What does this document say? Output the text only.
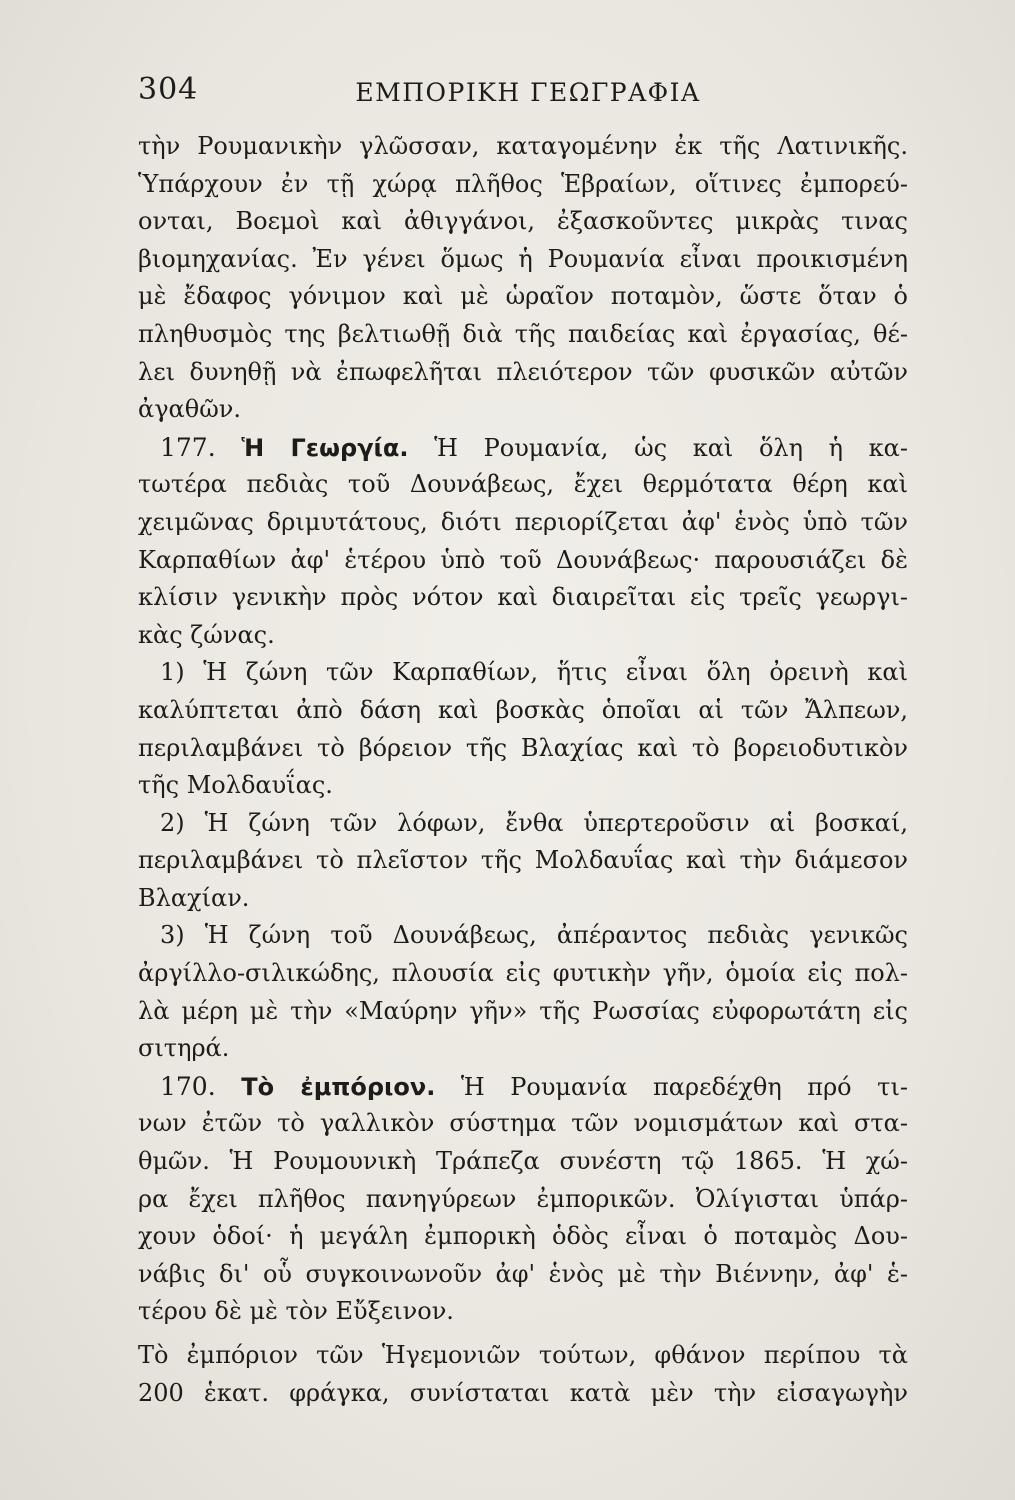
304	ΕΜΠΟΡΙΚΗ ΓΕΩΓΡΑΦΙΑ
τὴν Ρουμανικὴν γλῶσσαν, καταγομένην ἐκ τῆς Λατινικῆς.
Ὑπάρχουν ἐν τῇ χώρᾳ πλῆθος Ἑβραίων, οἵτινες ἐμπορεύ-
ονται, Βοεμοὶ καὶ ἀθιγγάνοι, ἐξασκοῦντες μικρὰς τινας
βιομηχανίας. Ἐν γένει ὅμως ἡ Ρουμανία εἶναι προικισμένη
μὲ ἔδαφος γόνιμον καὶ μὲ ὡραῖον ποταμὸν, ὥστε ὅταν ὁ
πληθυσμὸς της βελτιωθῇ διὰ τῆς παιδείας καὶ ἐργασίας, θέ-
λει δυνηθῇ νὰ ἐπωφελῆται πλειότερον τῶν φυσικῶν αὐτῶν
ἀγαθῶν.
177. Ἡ Γεωργία. Ἡ Ρουμανία, ὡς καὶ ὅλη ἡ κα-
τωτέρα πεδιὰς τοῦ Δουνάβεως, ἔχει θερμότατα θέρη καὶ
χειμῶνας δριμυτάτους, διότι περιορίζεται ἀφ' ἑνὸς ὑπὸ τῶν
Καρπαθίων ἀφ' ἑτέρου ὑπὸ τοῦ Δουνάβεως· παρουσιάζει δὲ
κλίσιν γενικὴν πρὸς νότον καὶ διαιρεῖται εἰς τρεῖς γεωργι-
κὰς ζώνας.
1) Ἡ ζώνη τῶν Καρπαθίων, ἥτις εἶναι ὅλη ὀρεινὴ καὶ
καλύπτεται ἀπὸ δάση καὶ βοσκὰς ὁποῖαι αἱ τῶν Ἄλπεων,
περιλαμβάνει τὸ βόρειον τῆς Βλαχίας καὶ τὸ βορειοδυτικὸν
τῆς Μολδαυΐας.
2) Ἡ ζώνη τῶν λόφων, ἔνθα ὑπερτεροῦσιν αἱ βοσκαί,
περιλαμβάνει τὸ πλεῖστον τῆς Μολδαυΐας καὶ τὴν διάμεσον
Βλαχίαν.
3) Ἡ ζώνη τοῦ Δουνάβεως, ἀπέραντος πεδιὰς γενικῶς
ἀργίλλο-σιλικώδης, πλουσία εἰς φυτικὴν γῆν, ὁμοία εἰς πολ-
λὰ μέρη μὲ τὴν «Μαύρην γῆν» τῆς Ρωσσίας εὐφορωτάτη εἰς
σιτηρά.
170. Τὸ ἐμπόριον. Ἡ Ρουμανία παρεδέχθη πρό τι-
νων ἐτῶν τὸ γαλλικὸν σύστημα τῶν νομισμάτων καὶ στα-
θμῶν. Ἡ Ρουμουνικὴ Τράπεζα συνέστη τῷ 1865. Ἡ χώ-
ρα ἔχει πλῆθος πανηγύρεων ἐμπορικῶν. Ὀλίγισται ὑπάρ-
χουν ὁδοί· ἡ μεγάλη ἐμπορικὴ ὁδὸς εἶναι ὁ ποταμὸς Δου-
νάβις δι' οὗ συγκοινωνοῦν ἀφ' ἑνὸς μὲ τὴν Βιέννην, ἀφ' ἑ-
τέρου δὲ μὲ τὸν Εὔξεινον.
Τὸ ἐμπόριον τῶν Ἡγεμονιῶν τούτων, φθάνον περίπου τὰ
200 ἑκατ. φράγκα, συνίσταται κατὰ μὲν τὴν εἰσαγωγὴν
